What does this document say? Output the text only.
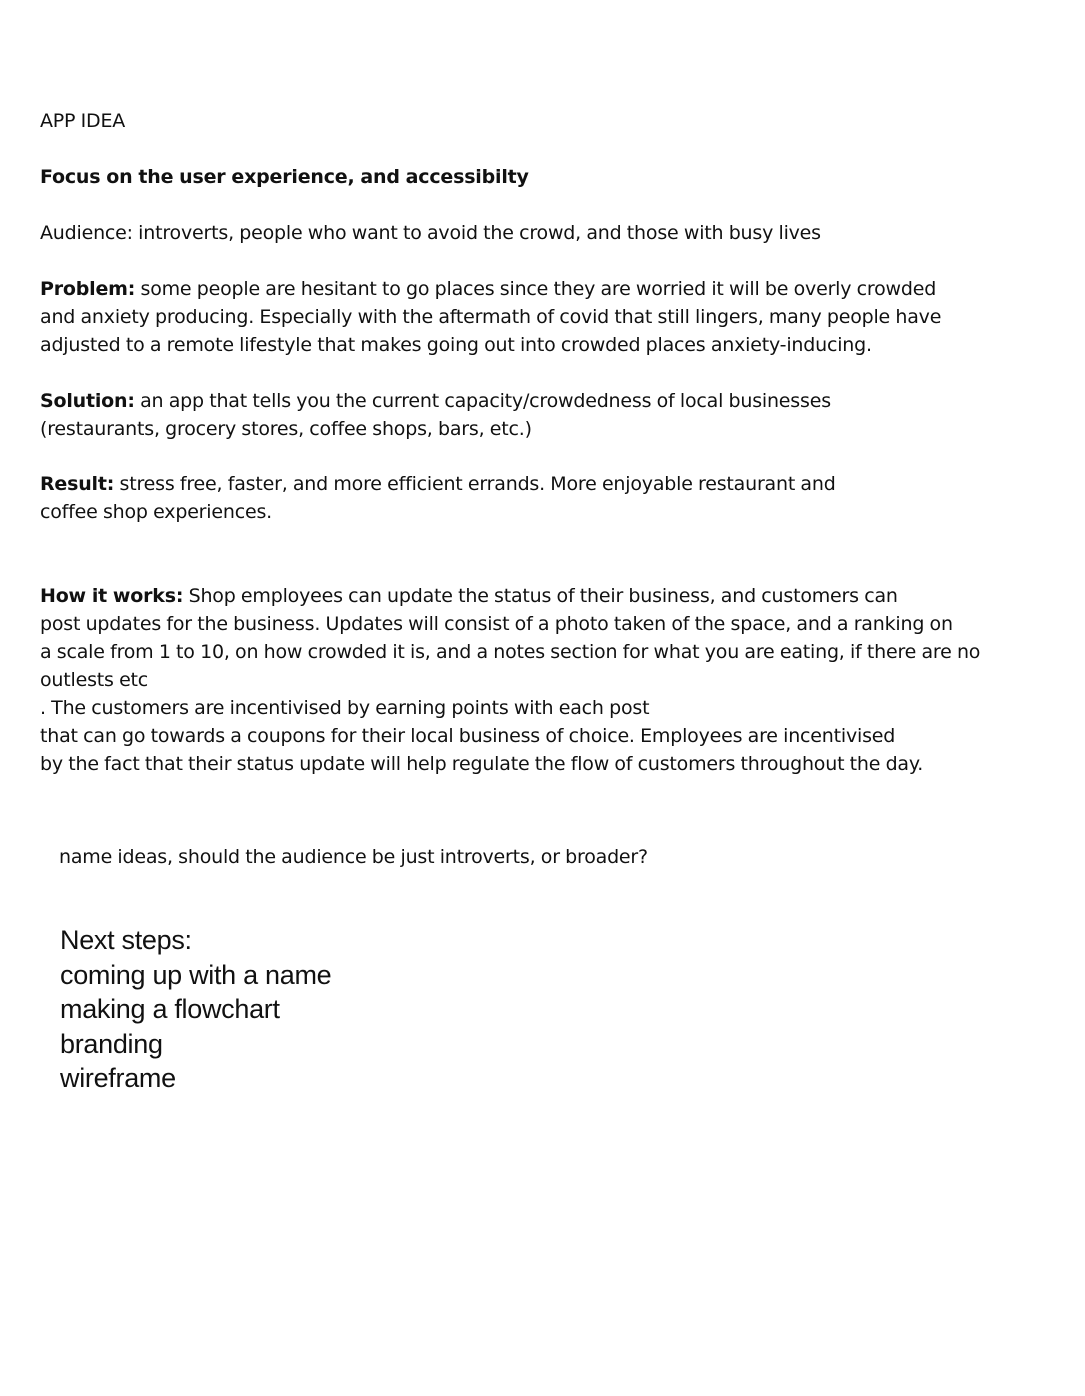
APP IDEA
Focus on the user experience, and accessibilty
Audience: introverts, people who want to avoid the crowd, and those with busy lives
Problem: some people are hesitant to go places since they are worried it will be overly crowded
and anxiety producing. Especially with the aftermath of covid that still lingers, many people have
adjusted to a remote lifestyle that makes going out into crowded places anxiety-inducing.
Solution: an app that tells you the current capacity/crowdedness of local businesses
(restaurants, grocery stores, coffee shops, bars, etc.)
Result: stress free, faster, and more efficient errands. More enjoyable restaurant and
coffee shop experiences.
How it works: Shop employees can update the status of their business, and customers can
post updates for the business. Updates will consist of a photo taken of the space, and a ranking on
a scale from 1 to 10, on how crowded it is, and a notes section for what you are eating, if there are no
outlests etc
. The customers are incentivised by earning points with each post
that can go towards a coupons for their local business of choice. Employees are incentivised
by the fact that their status update will help regulate the flow of customers throughout the day.
name ideas, should the audience be just introverts, or broader?
Next steps:
coming up with a name
making a flowchart
branding
wireframe
